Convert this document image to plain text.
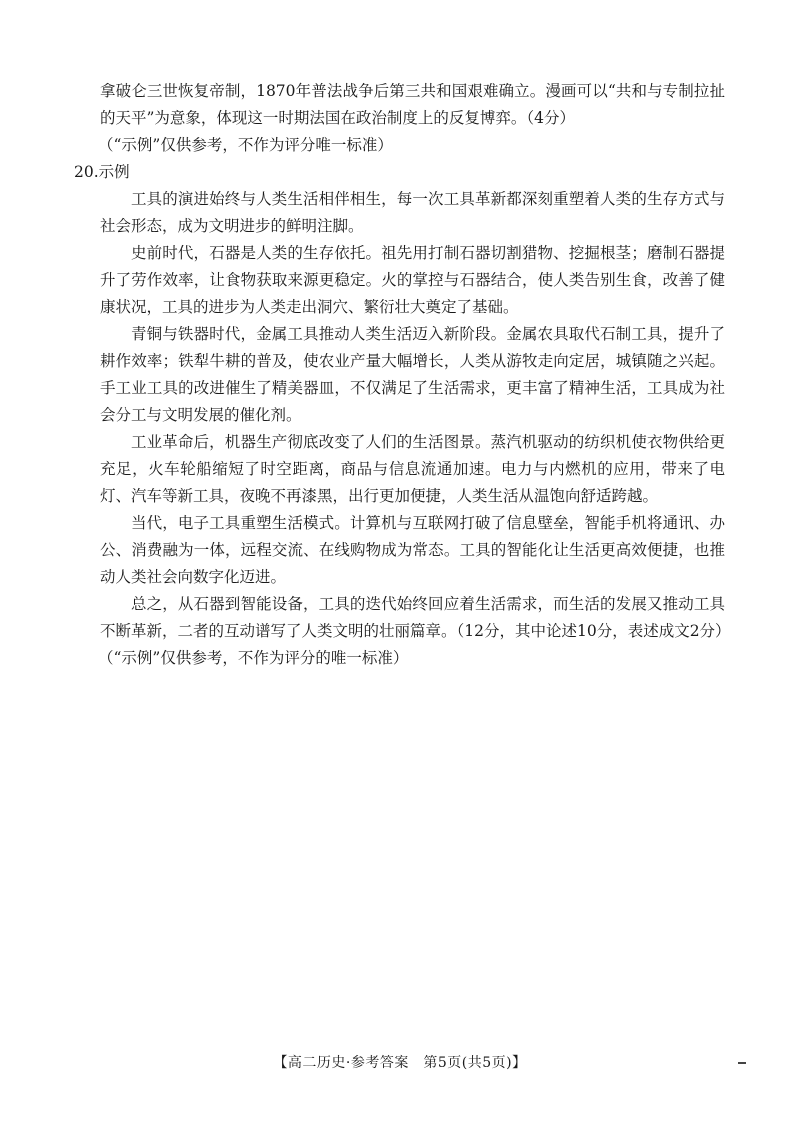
拿破仑三世恢复帝制，1870年普法战争后第三共和国艰难确立。漫画可以“共和与专制拉扯的天平”为意象，体现这一时期法国在政治制度上的反复博弈。（4分）

（“示例”仅供参考，不作为评分唯一标准）

20.示例

工具的演进始终与人类生活相伴相生，每一次工具革新都深刻重塑着人类的生存方式与社会形态，成为文明进步的鲜明注脚。

史前时代，石器是人类的生存依托。祖先用打制石器切割猎物、挖掘根茎；磨制石器提升了劳作效率，让食物获取来源更稳定。火的掌控与石器结合，使人类告别生食，改善了健康状况，工具的进步为人类走出洞穴、繁衍壮大奠定了基础。

青铜与铁器时代，金属工具推动人类生活迈入新阶段。金属农具取代石制工具，提升了耕作效率；铁犁牛耕的普及，使农业产量大幅增长，人类从游牧走向定居，城镇随之兴起。手工业工具的改进催生了精美器皿，不仅满足了生活需求，更丰富了精神生活，工具成为社会分工与文明发展的催化剂。

工业革命后，机器生产彻底改变了人们的生活图景。蒸汽机驱动的纺织机使衣物供给更充足，火车轮船缩短了时空距离，商品与信息流通加速。电力与内燃机的应用，带来了电灯、汽车等新工具，夜晚不再漆黑，出行更加便捷，人类生活从温饱向舒适跨越。

当代，电子工具重塑生活模式。计算机与互联网打破了信息壁垒，智能手机将通讯、办公、消费融为一体，远程交流、在线购物成为常态。工具的智能化让生活更高效便捷，也推动人类社会向数字化迈进。

总之，从石器到智能设备，工具的迭代始终回应着生活需求，而生活的发展又推动工具不断革新，二者的互动谱写了人类文明的壮丽篇章。（12分，其中论述10分，表述成文2分）

（“示例”仅供参考，不作为评分的唯一标准）

【高二历史·参考答案　第5页(共5页)】
